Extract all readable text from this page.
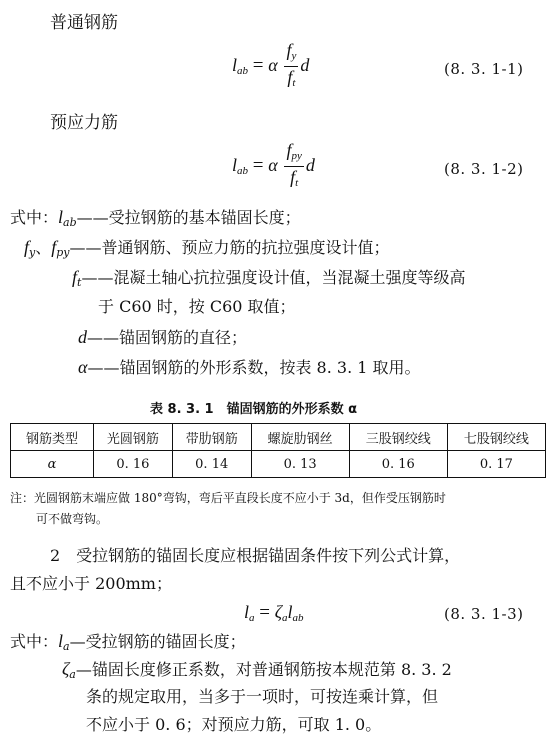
普通钢筋
$l_{ab} = \alpha \frac{f_y}{f_t}$ d	(8. 3. 1-1)
预应力筋
$l_{ab} = \alpha \frac{f_{py}}{f_t}$ d	(8. 3. 1-2)
式中：$l_{ab}——$受拉钢筋的基本锚固长度；
$f_y$、$f_{py}——$普通钢筋、预应力筋的抗拉强度设计值；
$f_t——$混凝土轴心抗拉强度设计值，当混凝土强度等级高
于 C60 时，按 C60 取值；
d——锚固钢筋的直径；
α——锚固钢筋的外形系数，按表 8. 3. 1 取用。
表 8. 3. 1　锚固钢筋的外形系数 α
钢筋类型	光圆钢筋	带肋钢筋	螺旋肋钢丝	三股钢绞线	七股钢绞线
α	0. 16	0. 14	0. 13	0. 16	0. 17
注：光圆钢筋末端应做 180°弯钩，弯后平直段长度不应小于 3d，但作受压钢筋时
可不做弯钩。
2　受拉钢筋的锚固长度应根据锚固条件按下列公式计算，
且不应小于 200mm；
$l_a = \zeta_al_{ab}$	(8. 3. 1-3)
式中：$l_a—$受拉钢筋的锚固长度；
$\zeta_a—$锚固长度修正系数，对普通钢筋按本规范第 8. 3. 2
条的规定取用，当多于一项时，可按连乘计算，但
不应小于 0. 6；对预应力筋，可取 1. 0。
